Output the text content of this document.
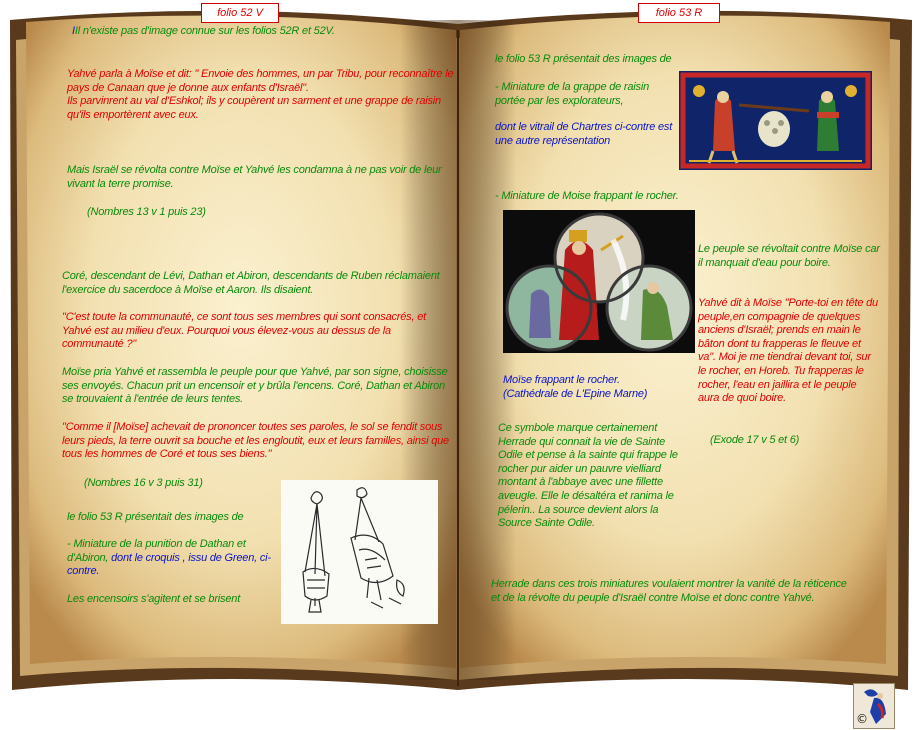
folio 52 V	folio 53 R
IIl n'existe pas d'image connue sur les folios 52R et 52V.
Yahvé parla à Moïse et dit: " Envoie des hommes, un par Tribu, pour reconnaître le pays de Canaan que je donne aux enfants d'Israël".
Ils parvinrent au val d'Eshkol; ils y coupèrent un sarment et une grappe de raisin qu'ils emportèrent avec eux.
Mais Israël se révolta contre Moïse et Yahvé les condamna à ne pas voir de leur vivant la terre promise.
(Nombres 13 v 1 puis 23)
Coré, descendant de Lévi, Dathan et Abiron, descendants de Ruben réclamaient l'exercice du sacerdoce à Moïse et Aaron. Ils disaient.
"C'est toute la communauté, ce sont tous ses membres qui sont consacrés, et Yahvé est au milieu d'eux. Pourquoi vous élevez-vous au dessus de la communauté ?"
Moïse pria Yahvé et rassembla le peuple pour que Yahvé, par son signe, choisisse ses envoyés. Chacun prit un encensoir et y brûla l'encens. Coré, Dathan et Abiron se trouvaient à l'entrée de leurs tentes.
"Comme il [Moïse] achevait de prononcer toutes ses paroles, le sol se fendit sous leurs pieds, la terre ouvrit sa bouche et les engloutit, eux et leurs familles, ainsi que tous les hommes de Coré et tous ses biens."
(Nombres 16 v 3 puis 31)
le folio 53 R présentait des images de
- Miniature de la punition de Dathan et d'Abiron, dont le croquis , issu de Green, ci-contre.
Les encensoirs s'agitent et se brisent
le folio 53 R présentait des images de
- Miniature de la grappe de raisin portée par les explorateurs,
dont le vitrail de Chartres ci-contre est une autre représentation
- Miniature de Moise frappant le rocher.
Moïse frappant le rocher.
(Cathédrale de L'Epine Marne)
Le peuple se révoltait contre Moïse car il manquait d'eau pour boire.
Yahvé dit à Moïse "Porte-toi en tête du peuple,en compagnie de quelques anciens d'Israël; prends en main le bâton dont tu frapperas le fleuve et va". Moi je me tiendrai devant toi, sur le rocher, en Horeb. Tu frapperas le rocher, l'eau en jaillira et le peuple aura de quoi boire.
(Exode 17 v 5 et 6)
Ce symbole marque certainement Herrade qui connait la vie de Sainte Odile et pense à la sainte qui frappe le rocher pur aider un pauvre vielliard montant à l'abbaye avec une fillette aveugle. Elle le désaltéra et ranima le pélerin.. La source devient alors la Source Sainte Odile.
Herrade dans ces trois miniatures voulaient montrer la vanité de la réticence et de la révolte du peuple d'Israël contre Moïse et donc contre Yahvé.
©
